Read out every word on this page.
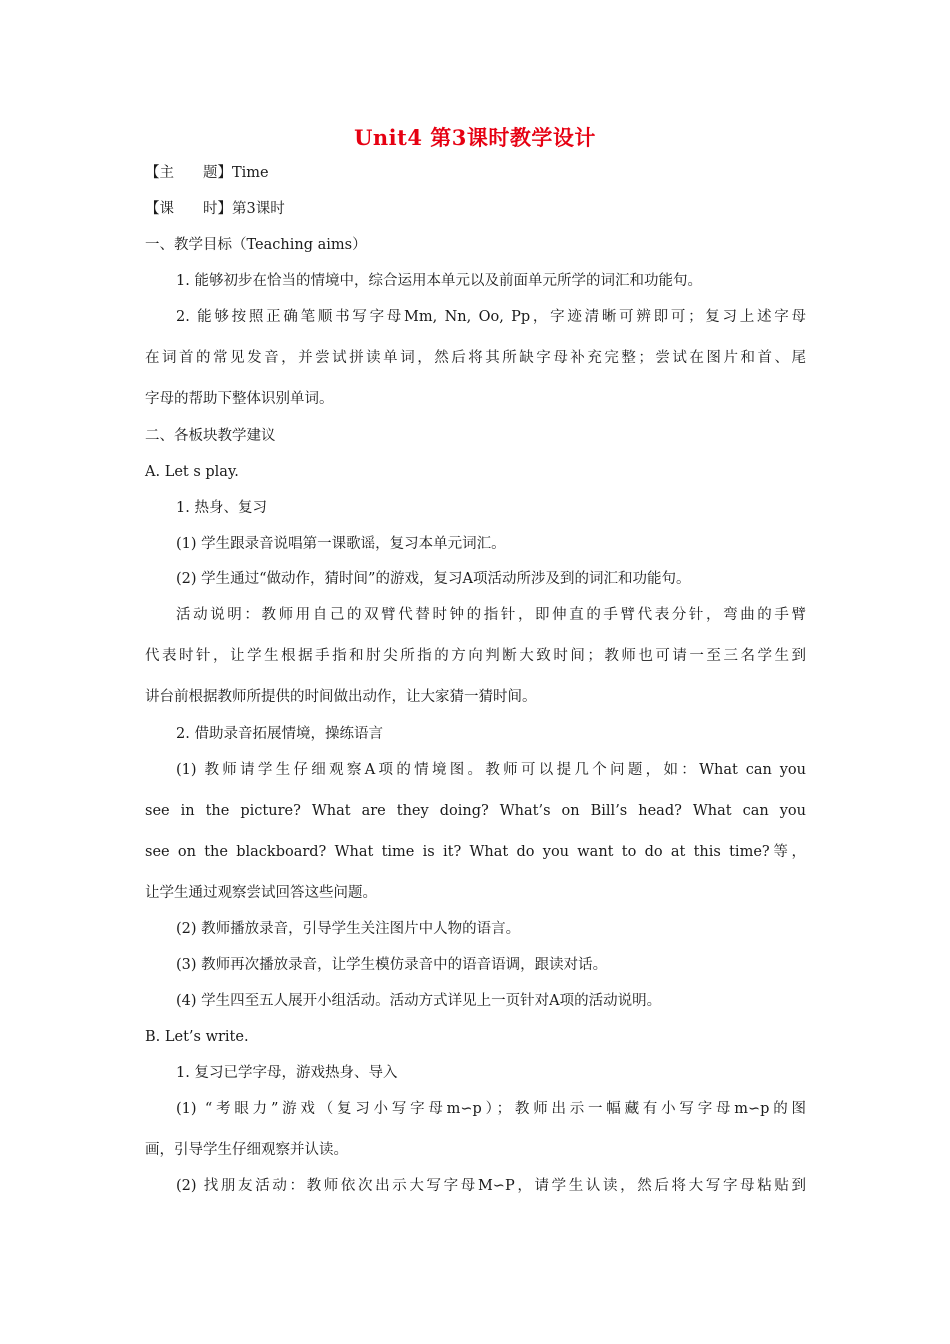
Unit4 第3课时教学设计
【主　　题】Time
【课　　时】第3课时
一、教学目标（Teaching aims）
1. 能够初步在恰当的情境中，综合运用本单元以及前面单元所学的词汇和功能句。
2. 能够按照正确笔顺书写字母Mm, Nn, Oo, Pp，字迹清晰可辨即可；复习上述字母
在词首的常见发音，并尝试拼读单词，然后将其所缺字母补充完整；尝试在图片和首、尾
字母的帮助下整体识别单词。
二、各板块教学建议
A. Let s play.
1. 热身、复习
(1) 学生跟录音说唱第一课歌谣，复习本单元词汇。
(2) 学生通过“做动作，猜时间”的游戏，复习A项活动所涉及到的词汇和功能句。
活动说明：教师用自己的双臂代替时钟的指针，即伸直的手臂代表分针，弯曲的手臂
代表时针，让学生根据手指和肘尖所指的方向判断大致时间；教师也可请一至三名学生到
讲台前根据教师所提供的时间做出动作，让大家猜一猜时间。
2. 借助录音拓展情境，操练语言
(1) 教师请学生仔细观察A项的情境图。教师可以提几个问题，如：What can you
see in the picture? What are they doing? What’s on Bill’s head? What can you
see on the blackboard? What time is it? What do you want to do at this time?等，
让学生通过观察尝试回答这些问题。
(2) 教师播放录音，引导学生关注图片中人物的语言。
(3) 教师再次播放录音，让学生模仿录音中的语音语调，跟读对话。
(4) 学生四至五人展开小组活动。活动方式详见上一页针对A项的活动说明。
B. Let’s write.
1. 复习已学字母，游戏热身、导入
(1) “考眼力”游戏（复习小写字母m∽p）；教师出示一幅藏有小写字母m∽p的图
画，引导学生仔细观察并认读。
(2) 找朋友活动：教师依次出示大写字母M∽P，请学生认读，然后将大写字母粘贴到
